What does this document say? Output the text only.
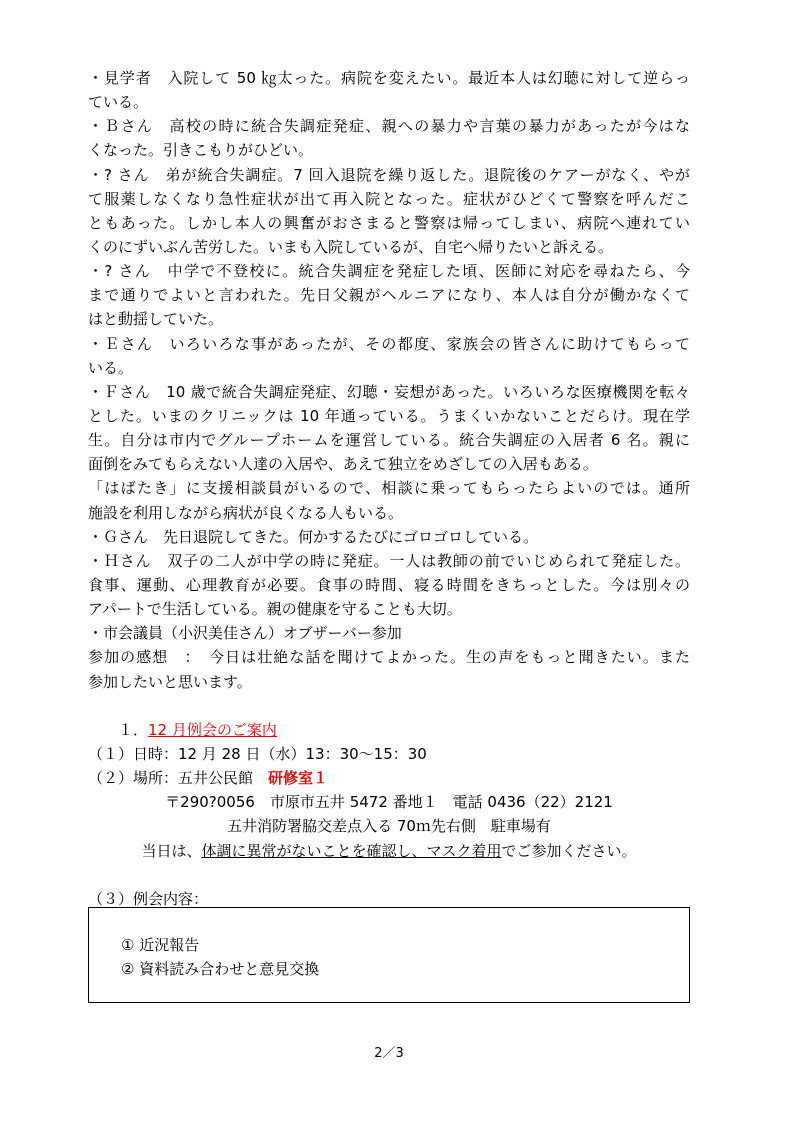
・見学者　入院して 50 ㎏太った。病院を変えたい。最近本人は幻聴に対して逆らっ
ている。
・Ｂさん　高校の時に統合失調症発症、親への暴力や言葉の暴力があったが今はな
くなった。引きこもりがひどい。
・? さん　弟が統合失調症。7 回入退院を繰り返した。退院後のケアーがなく、やが
て服薬しなくなり急性症状が出て再入院となった。症状がひどくて警察を呼んだこ
ともあった。しかし本人の興奮がおさまると警察は帰ってしまい、病院へ連れてい
くのにずいぶん苦労した。いまも入院しているが、自宅へ帰りたいと訴える。
・? さん　中学で不登校に。統合失調症を発症した頃、医師に対応を尋ねたら、今
まで通りでよいと言われた。先日父親がヘルニアになり、本人は自分が働かなくて
はと動揺していた。
・Ｅさん　いろいろな事があったが、その都度、家族会の皆さんに助けてもらって
いる。
・Ｆさん　10 歳で統合失調症発症、幻聴・妄想があった。いろいろな医療機関を転々
とした。いまのクリニックは 10 年通っている。うまくいかないことだらけ。現在学
生。自分は市内でグループホームを運営している。統合失調症の入居者 6 名。親に
面倒をみてもらえない人達の入居や、あえて独立をめざしての入居もある。
「はばたき」に支援相談員がいるので、相談に乗ってもらったらよいのでは。通所
施設を利用しながら病状が良くなる人もいる。
・Ｇさん　先日退院してきた。何かするたびにゴロゴロしている。
・Ｈさん　双子の二人が中学の時に発症。一人は教師の前でいじめられて発症した。
食事、運動、心理教育が必要。食事の時間、寝る時間をきちっとした。今は別々の
アパートで生活している。親の健康を守ることも大切。
・市会議員（小沢美佳さん）オブザーバー参加
参加の感想　：　今日は壮絶な話を聞けてよかった。生の声をもっと聞きたい。また
参加したいと思います。
１．12 月例会のご案内
（１）日時：12 月 28 日（水）13：30～15：30
（２）場所：五井公民館　研修室１
〒290?0056　市原市五井 5472 番地１　電話 0436（22）2121
五井消防署脇交差点入る 70ｍ先右側　駐車場有
当日は、体調に異常がないことを確認し、マスク着用でご参加ください。
（３）例会内容：
① 近況報告
② 資料読み合わせと意見交換
2／3
